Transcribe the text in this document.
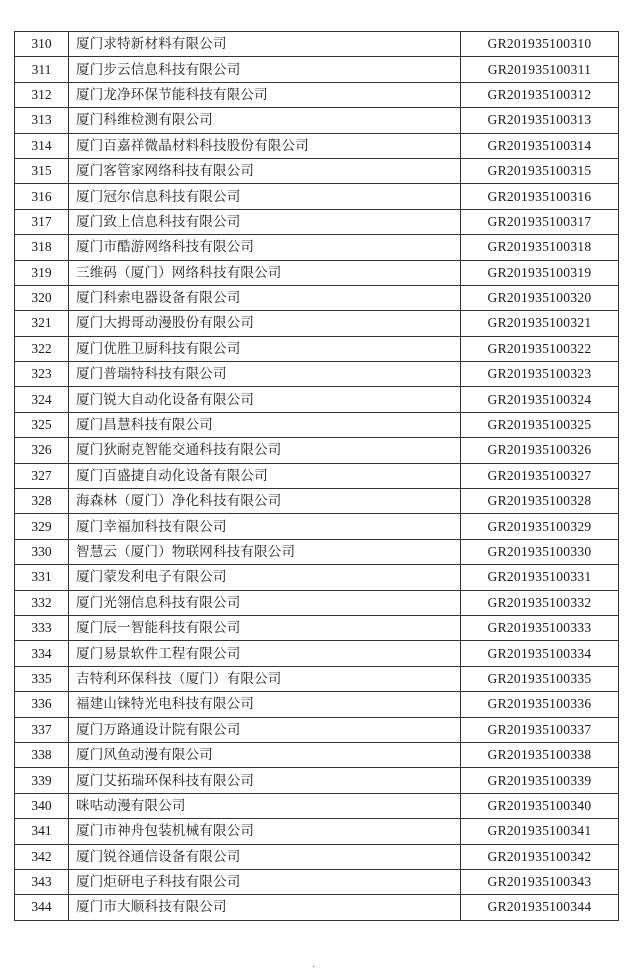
310	厦门求特新材料有限公司	GR201935100310
311	厦门步云信息科技有限公司	GR201935100311
312	厦门龙净环保节能科技有限公司	GR201935100312
313	厦门科维检测有限公司	GR201935100313
314	厦门百嘉祥微晶材料科技股份有限公司	GR201935100314
315	厦门客管家网络科技有限公司	GR201935100315
316	厦门冠尔信息科技有限公司	GR201935100316
317	厦门致上信息科技有限公司	GR201935100317
318	厦门市酷游网络科技有限公司	GR201935100318
319	三维码（厦门）网络科技有限公司	GR201935100319
320	厦门科索电器设备有限公司	GR201935100320
321	厦门大拇哥动漫股份有限公司	GR201935100321
322	厦门优胜卫厨科技有限公司	GR201935100322
323	厦门普瑞特科技有限公司	GR201935100323
324	厦门锐大自动化设备有限公司	GR201935100324
325	厦门昌慧科技有限公司	GR201935100325
326	厦门狄耐克智能交通科技有限公司	GR201935100326
327	厦门百盛捷自动化设备有限公司	GR201935100327
328	海森林（厦门）净化科技有限公司	GR201935100328
329	厦门幸福加科技有限公司	GR201935100329
330	智慧云（厦门）物联网科技有限公司	GR201935100330
331	厦门蒙发利电子有限公司	GR201935100331
332	厦门光翎信息科技有限公司	GR201935100332
333	厦门辰一智能科技有限公司	GR201935100333
334	厦门易景软件工程有限公司	GR201935100334
335	吉特利环保科技（厦门）有限公司	GR201935100335
336	福建山铼特光电科技有限公司	GR201935100336
337	厦门万路通设计院有限公司	GR201935100337
338	厦门风鱼动漫有限公司	GR201935100338
339	厦门艾拓瑞环保科技有限公司	GR201935100339
340	咪咕动漫有限公司	GR201935100340
341	厦门市神舟包装机械有限公司	GR201935100341
342	厦门锐谷通信设备有限公司	GR201935100342
343	厦门炬研电子科技有限公司	GR201935100343
344	厦门市大顺科技有限公司	GR201935100344
·
